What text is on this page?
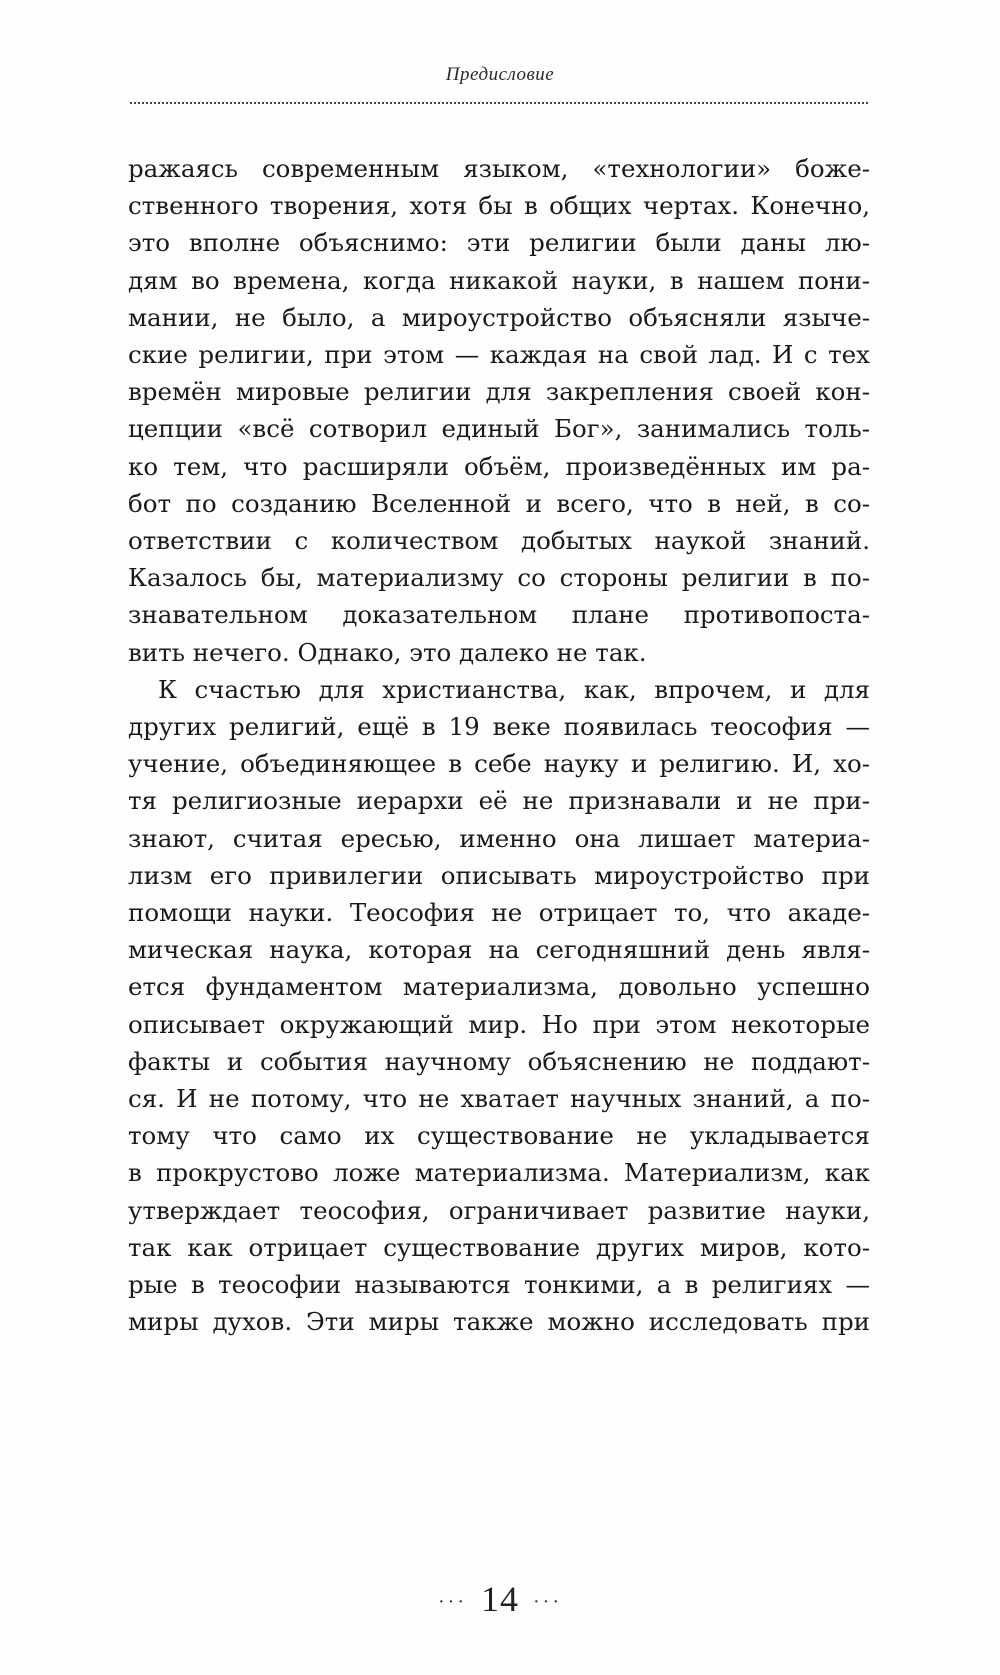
Предисловие
ражаясь современным языком, «технологии» боже-
ственного творения, хотя бы в общих чертах. Конечно,
это вполне объяснимо: эти религии были даны лю-
дям во времена, когда никакой науки, в нашем пони-
мании, не было, а мироустройство объясняли языче-
ские религии, при этом — каждая на свой лад. И с тех
времён мировые религии для закрепления своей кон-
цепции «всё сотворил единый Бог», занимались толь-
ко тем, что расширяли объём, произведённых им ра-
бот по созданию Вселенной и всего, что в ней, в со-
ответствии с количеством добытых наукой знаний.
Казалось бы, материализму со стороны религии в по-
знавательном доказательном плане противопоста-
вить нечего. Однако, это далеко не так.
К счастью для христианства, как, впрочем, и для
других религий, ещё в 19 веке появилась теософия —
учение, объединяющее в себе науку и религию. И, хо-
тя религиозные иерархи её не признавали и не при-
знают, считая ересью, именно она лишает материа-
лизм его привилегии описывать мироустройство при
помощи науки. Теософия не отрицает то, что акаде-
мическая наука, которая на сегодняшний день явля-
ется фундаментом материализма, довольно успешно
описывает окружающий мир. Но при этом некоторые
факты и события научному объяснению не поддают-
ся. И не потому, что не хватает научных знаний, а по-
тому что само их существование не укладывается
в прокрустово ложе материализма. Материализм, как
утверждает теософия, ограничивает развитие науки,
так как отрицает существование других миров, кото-
рые в теософии называются тонкими, а в религиях —
миры духов. Эти миры также можно исследовать при
··· 14 ···
